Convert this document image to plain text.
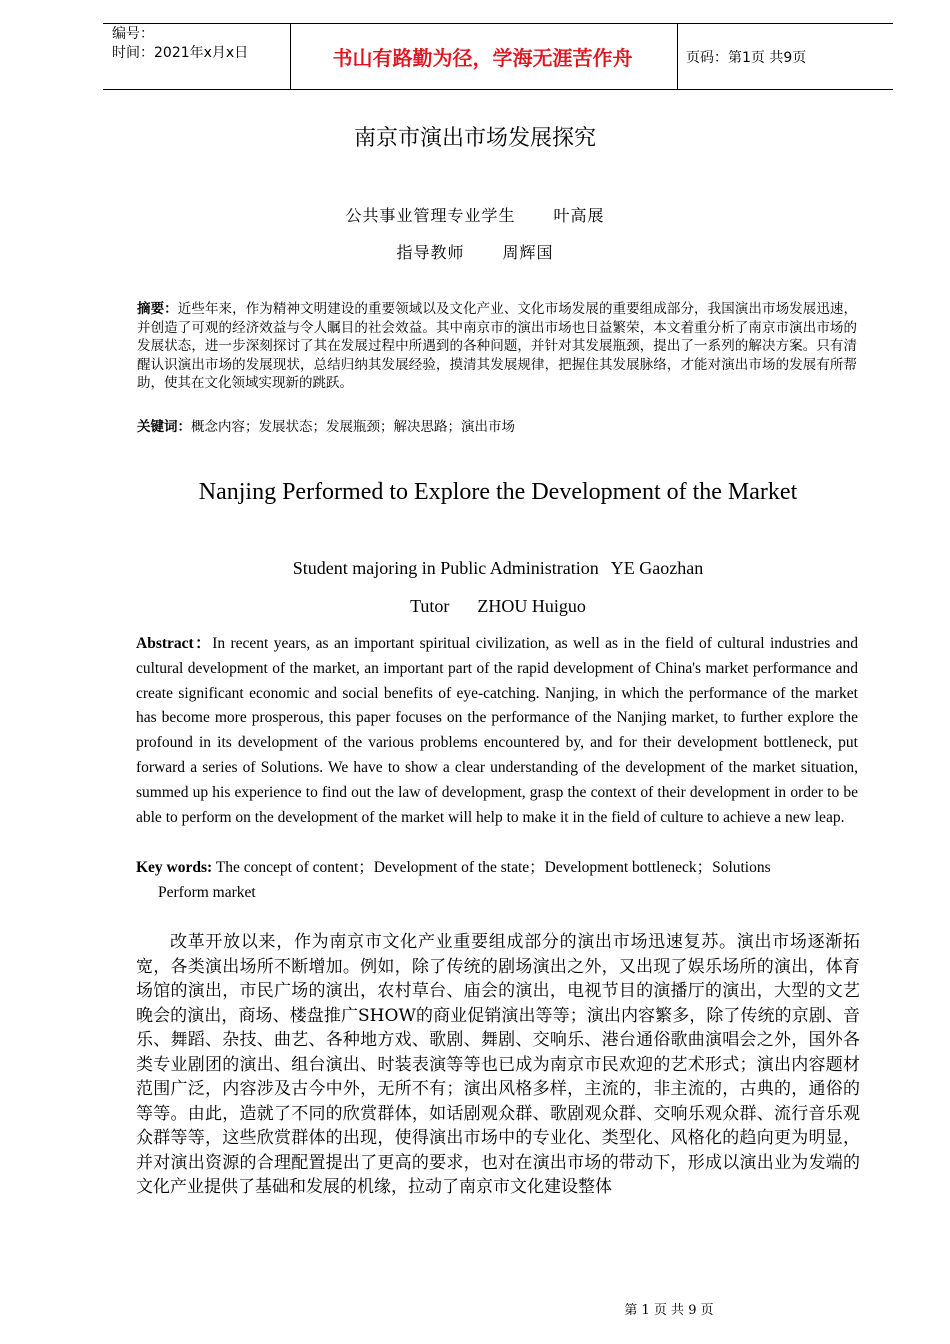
编号：
时间：2021年x月x日	书山有路勤为径，学海无涯苦作舟	页码：第1页 共9页
南京市演出市场发展探究
公共事业管理专业学生 叶高展
指导教师 周辉国
摘要：近些年来，作为精神文明建设的重要领域以及文化产业、文化市场发展的重要组成部分，我国演出市场发展迅速，并创造了可观的经济效益与令人瞩目的社会效益。其中南京市的演出市场也日益繁荣，本文着重分析了南京市演出市场的发展状态，进一步深刻探讨了其在发展过程中所遇到的各种问题，并针对其发展瓶颈，提出了一系列的解决方案。只有清醒认识演出市场的发展现状，总结归纳其发展经验，摸清其发展规律，把握住其发展脉络，才能对演出市场的发展有所帮助，使其在文化领域实现新的跳跃。
关键词：概念内容；发展状态；发展瓶颈；解决思路；演出市场
Nanjing Performed to Explore the Development of the Market
Student majoring in Public Administration YE Gaozhan
Tutor ZHOU Huiguo
Abstract：In recent years, as an important spiritual civilization, as well as in the field of cultural industries and cultural development of the market, an important part of the rapid development of China's market performance and create significant economic and social benefits of eye-catching. Nanjing, in which the performance of the market has become more prosperous, this paper focuses on the performance of the Nanjing market, to further explore the profound in its development of the various problems encountered by, and for their development bottleneck, put forward a series of Solutions. We have to show a clear understanding of the development of the market situation, summed up his experience to find out the law of development, grasp the context of their development in order to be able to perform on the development of the market will help to make it in the field of culture to achieve a new leap.
Key words: The concept of content；Development of the state；Development bottleneck；Solutions
Perform market
改革开放以来，作为南京市文化产业重要组成部分的演出市场迅速复苏。演出市场逐渐拓宽，各类演出场所不断增加。例如，除了传统的剧场演出之外，又出现了娱乐场所的演出，体育场馆的演出，市民广场的演出，农村草台、庙会的演出，电视节目的演播厅的演出，大型的文艺晚会的演出，商场、楼盘推广SHOW的商业促销演出等等；演出内容繁多，除了传统的京剧、音乐、舞蹈、杂技、曲艺、各种地方戏、歌剧、舞剧、交响乐、港台通俗歌曲演唱会之外，国外各类专业剧团的演出、组台演出、时装表演等等也已成为南京市民欢迎的艺术形式；演出内容题材范围广泛，内容涉及古今中外，无所不有；演出风格多样，主流的，非主流的，古典的，通俗的等等。由此，造就了不同的欣赏群体，如话剧观众群、歌剧观众群、交响乐观众群、流行音乐观众群等等，这些欣赏群体的出现，使得演出市场中的专业化、类型化、风格化的趋向更为明显，并对演出资源的合理配置提出了更高的要求，也对在演出市场的带动下，形成以演出业为发端的文化产业提供了基础和发展的机缘，拉动了南京市文化建设整体
第 1 页 共 9 页
